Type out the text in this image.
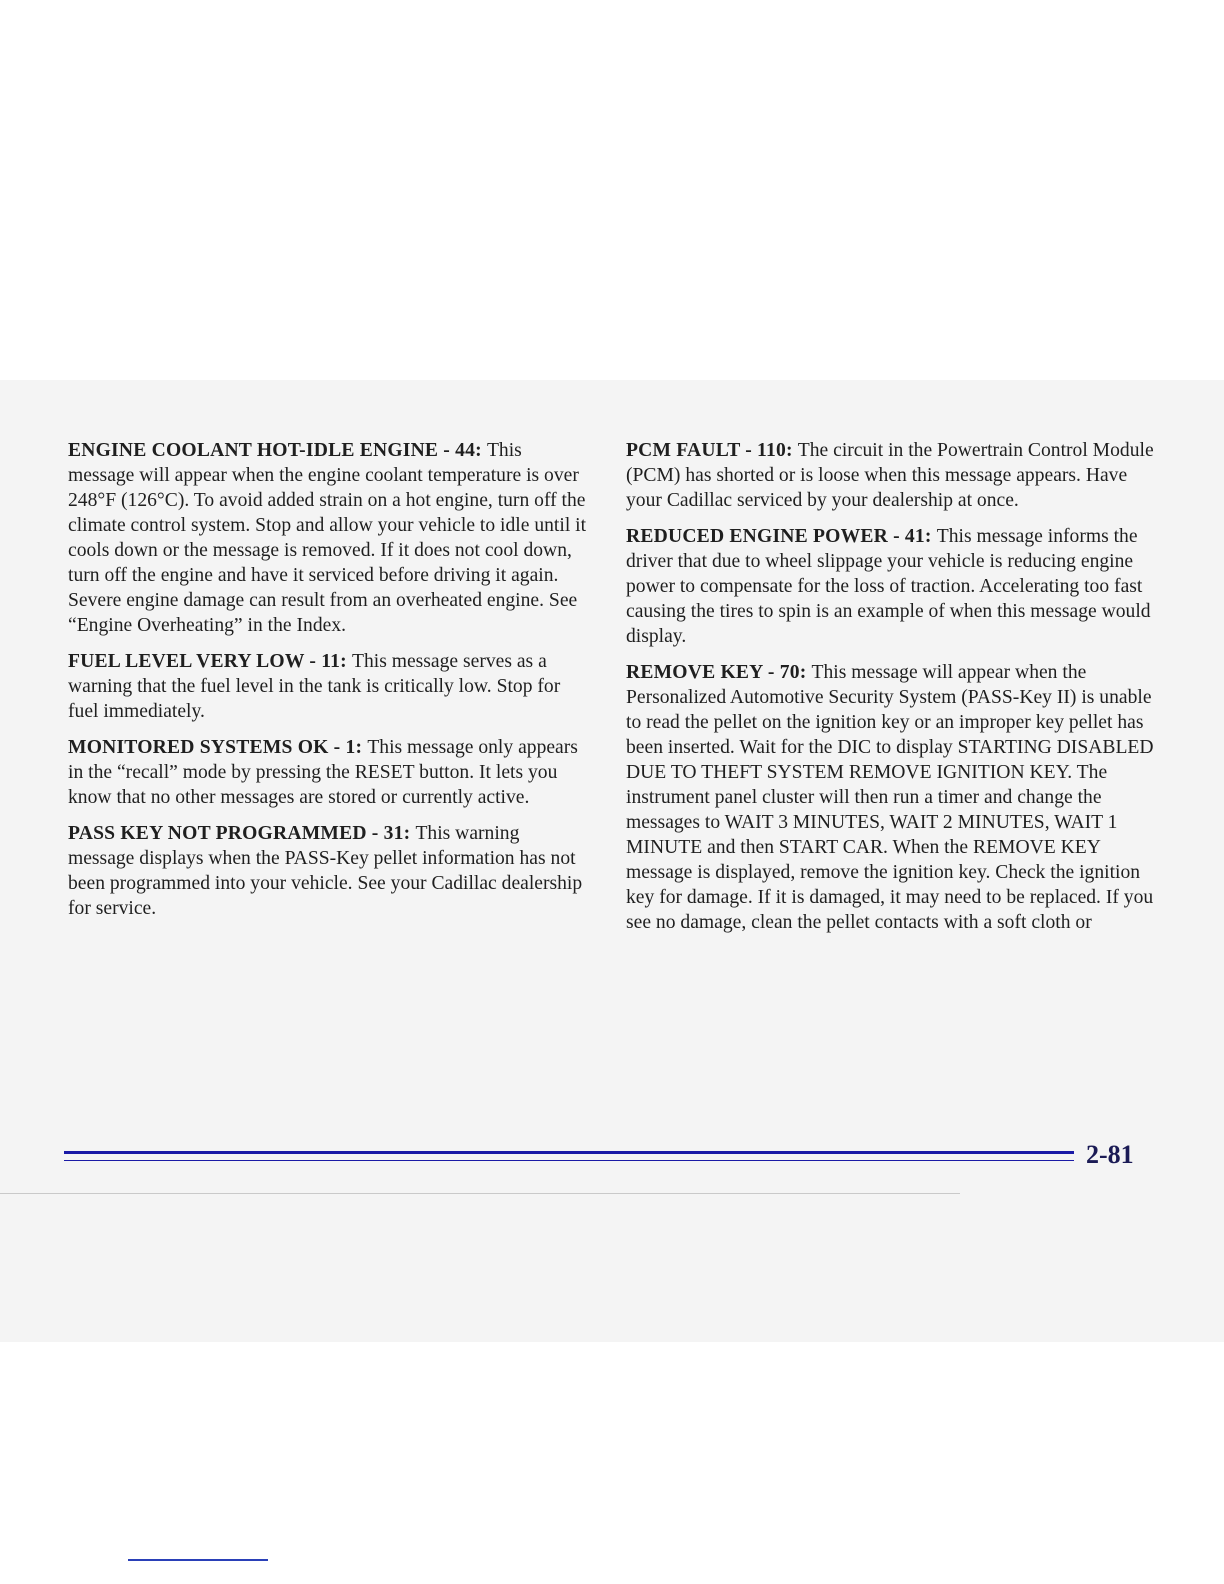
ENGINE COOLANT HOT-IDLE ENGINE - 44: This message will appear when the engine coolant temperature is over 248°F (126°C). To avoid added strain on a hot engine, turn off the climate control system. Stop and allow your vehicle to idle until it cools down or the message is removed. If it does not cool down, turn off the engine and have it serviced before driving it again. Severe engine damage can result from an overheated engine. See “Engine Overheating” in the Index.

FUEL LEVEL VERY LOW - 11: This message serves as a warning that the fuel level in the tank is critically low. Stop for fuel immediately.

MONITORED SYSTEMS OK - 1: This message only appears in the “recall” mode by pressing the RESET button. It lets you know that no other messages are stored or currently active.

PASS KEY NOT PROGRAMMED - 31: This warning message displays when the PASS-Key pellet information has not been programmed into your vehicle. See your Cadillac dealership for service.

PCM FAULT - 110: The circuit in the Powertrain Control Module (PCM) has shorted or is loose when this message appears. Have your Cadillac serviced by your dealership at once.

REDUCED ENGINE POWER - 41: This message informs the driver that due to wheel slippage your vehicle is reducing engine power to compensate for the loss of traction. Accelerating too fast causing the tires to spin is an example of when this message would display.

REMOVE KEY - 70: This message will appear when the Personalized Automotive Security System (PASS-Key II) is unable to read the pellet on the ignition key or an improper key pellet has been inserted. Wait for the DIC to display STARTING DISABLED DUE TO THEFT SYSTEM REMOVE IGNITION KEY. The instrument panel cluster will then run a timer and change the messages to WAIT 3 MINUTES, WAIT 2 MINUTES, WAIT 1 MINUTE and then START CAR. When the REMOVE KEY message is displayed, remove the ignition key. Check the ignition key for damage. If it is damaged, it may need to be replaced. If you see no damage, clean the pellet contacts with a soft cloth or

2-81
